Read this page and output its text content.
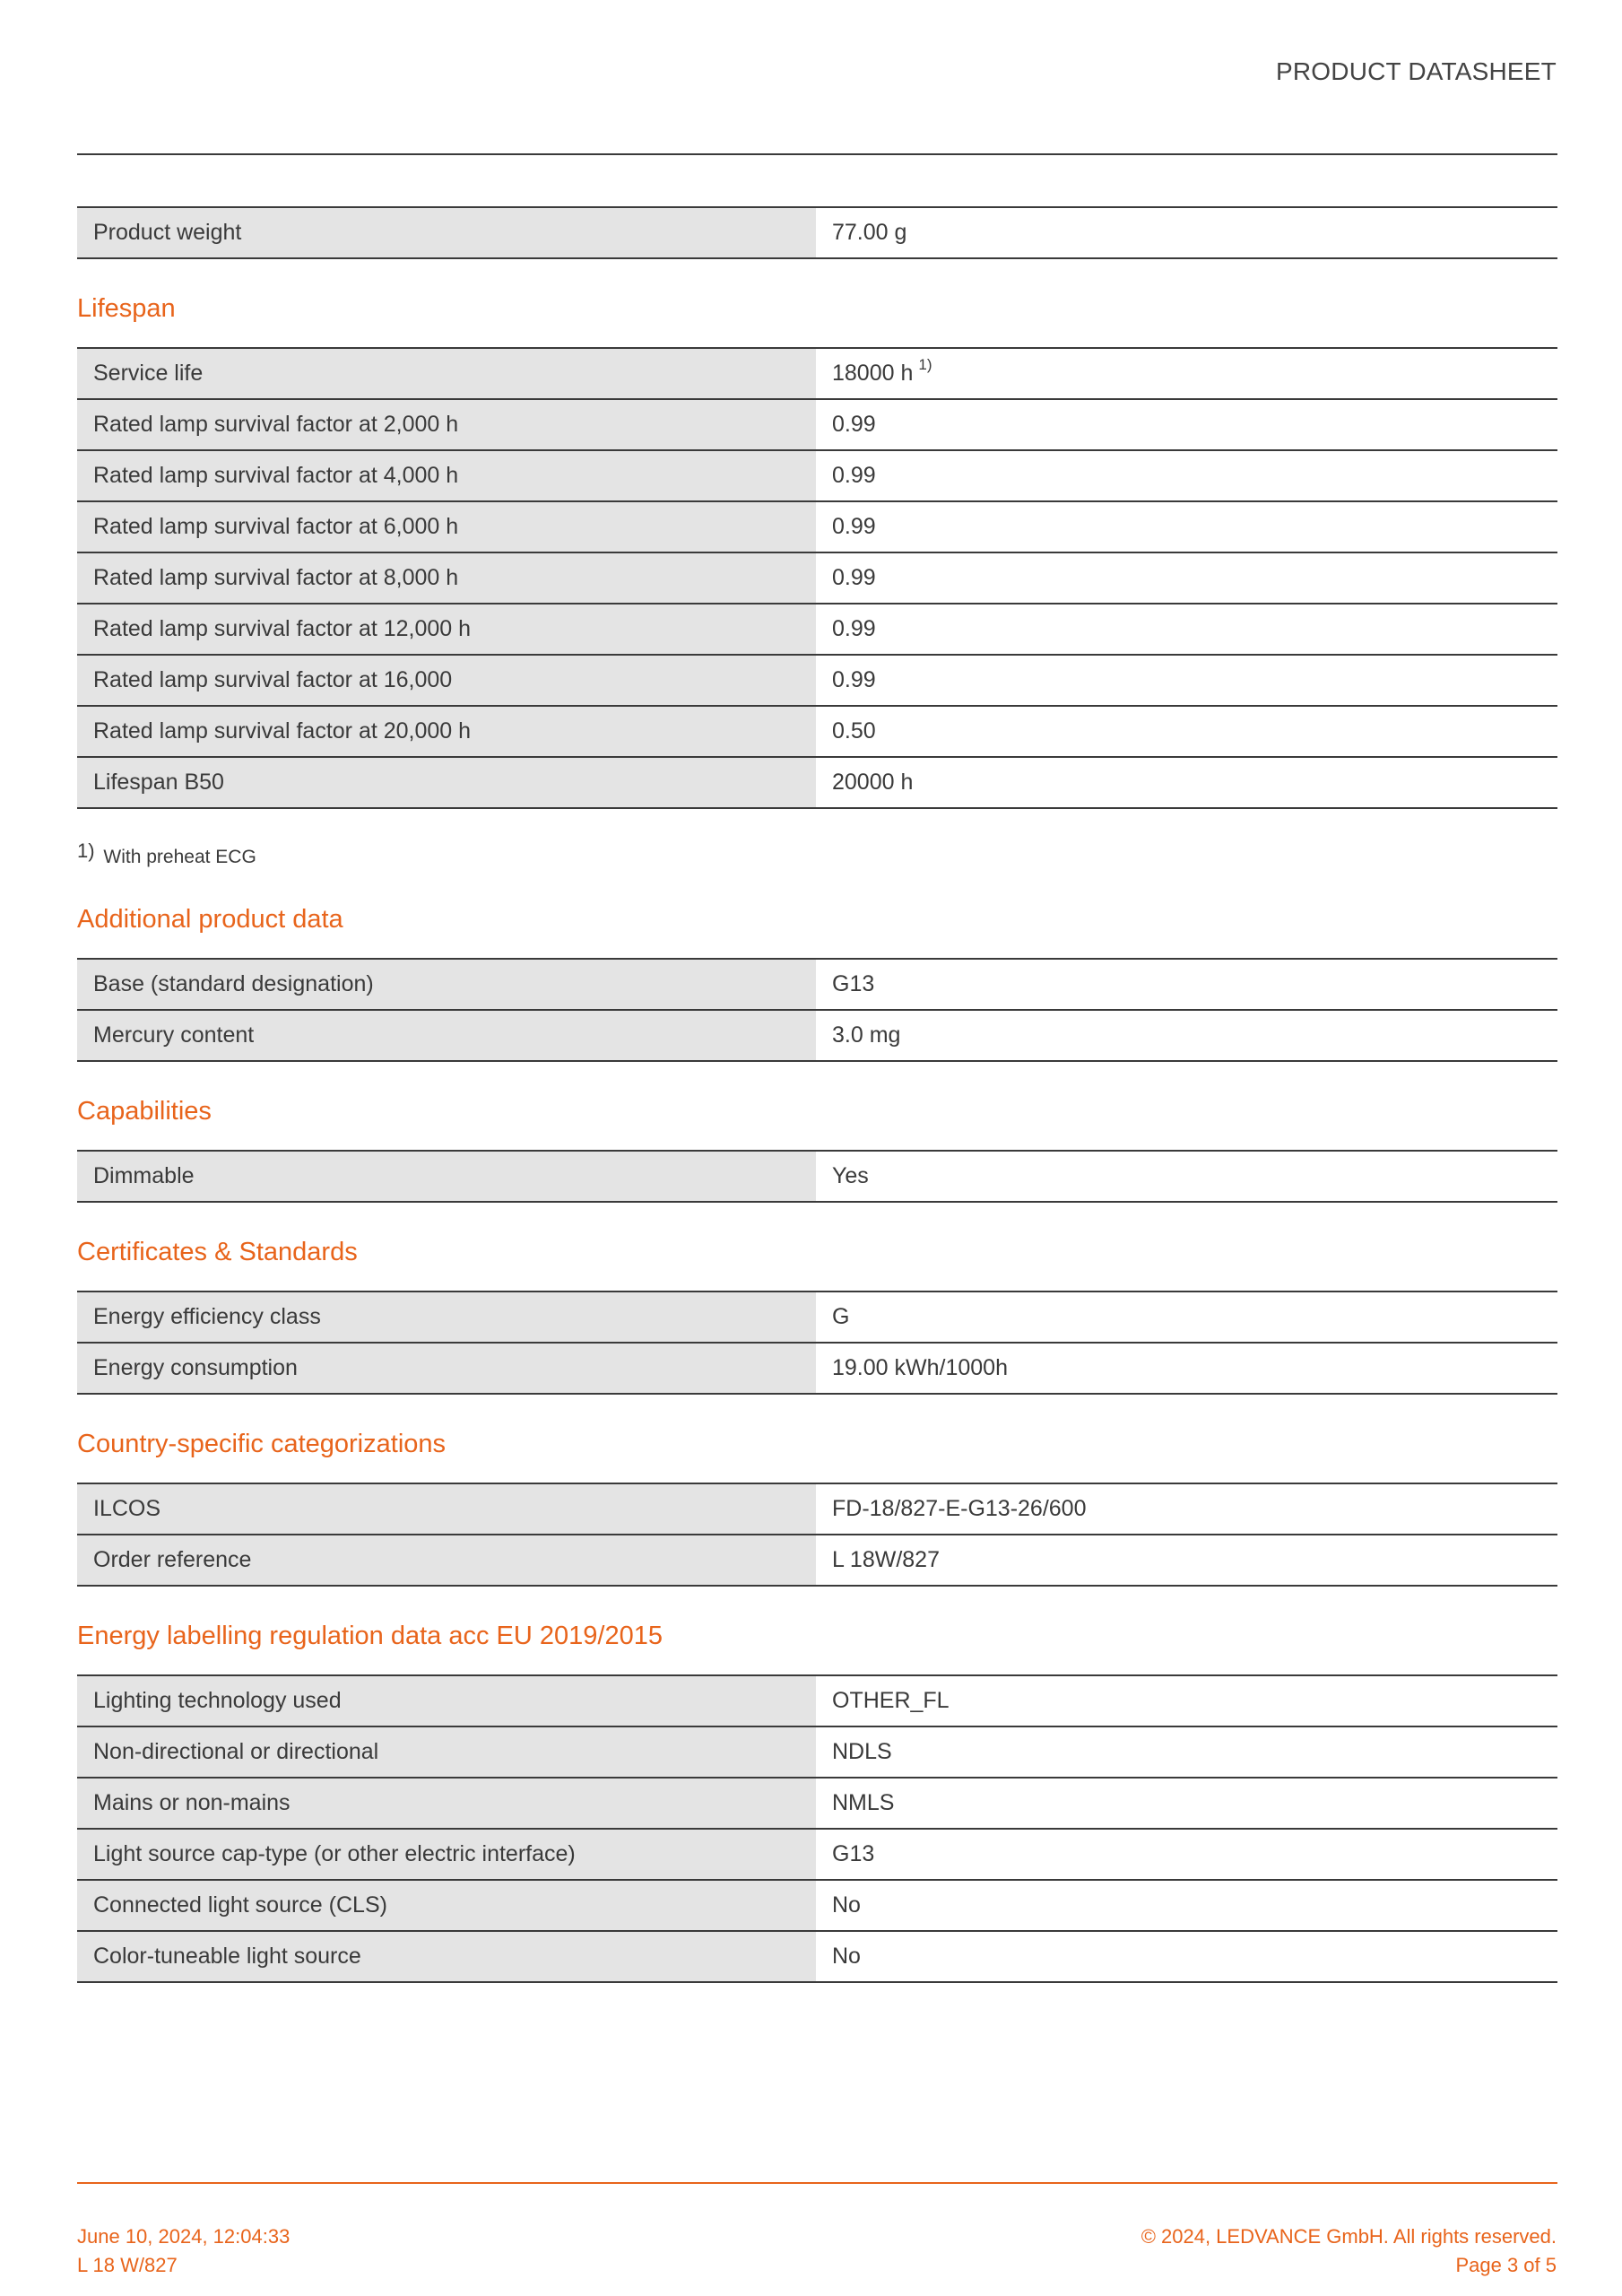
PRODUCT DATASHEET
Product weight	77.00 g
Lifespan
Service life	18000 h 1)
Rated lamp survival factor at 2,000 h	0.99
Rated lamp survival factor at 4,000 h	0.99
Rated lamp survival factor at 6,000 h	0.99
Rated lamp survival factor at 8,000 h	0.99
Rated lamp survival factor at 12,000 h	0.99
Rated lamp survival factor at 16,000	0.99
Rated lamp survival factor at 20,000 h	0.50
Lifespan B50	20000 h
1) With preheat ECG
Additional product data
Base (standard designation)	G13
Mercury content	3.0 mg
Capabilities
Dimmable	Yes
Certificates & Standards
Energy efficiency class	G
Energy consumption	19.00 kWh/1000h
Country-specific categorizations
ILCOS	FD-18/827-E-G13-26/600
Order reference	L 18W/827
Energy labelling regulation data acc EU 2019/2015
Lighting technology used	OTHER_FL
Non-directional or directional	NDLS
Mains or non-mains	NMLS
Light source cap-type (or other electric interface)	G13
Connected light source (CLS)	No
Color-tuneable light source	No
June 10, 2024, 12:04:33
L 18 W/827
© 2024, LEDVANCE GmbH. All rights reserved.
Page 3 of 5
